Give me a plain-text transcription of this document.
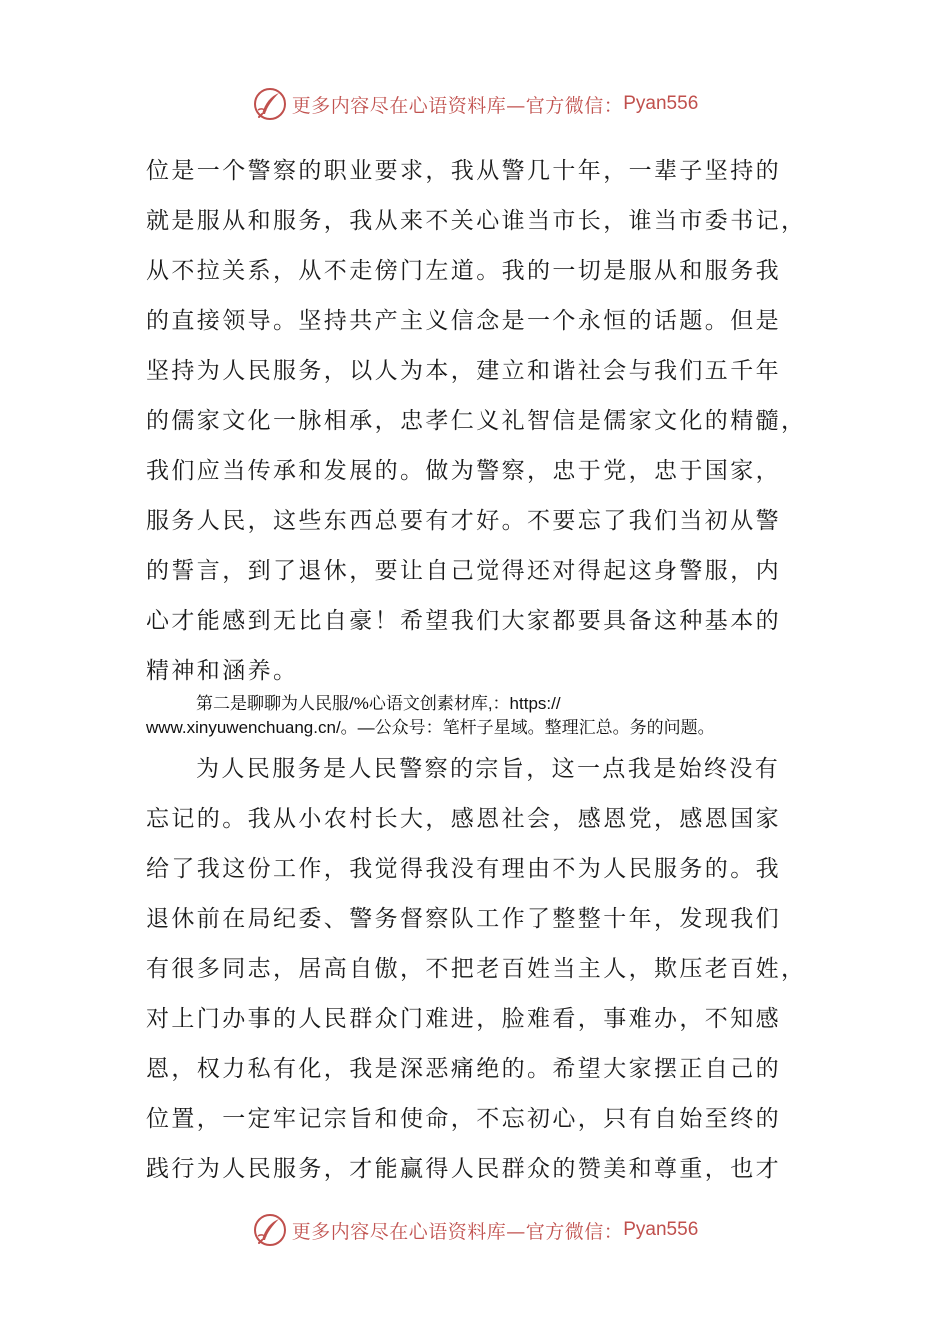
更多内容尽在心语资料库—官方微信： Pyan556
位是一个警察的职业要求，我从警几十年，一辈子坚持的
就是服从和服务，我从来不关心谁当市长，谁当市委书记，
从不拉关系，从不走傍门左道。我的一切是服从和服务我
的直接领导。坚持共产主义信念是一个永恒的话题。但是
坚持为人民服务，以人为本，建立和谐社会与我们五千年
的儒家文化一脉相承，忠孝仁义礼智信是儒家文化的精髓，
我们应当传承和发展的。做为警察，忠于党，忠于国家，
服务人民，这些东西总要有才好。不要忘了我们当初从警
的誓言，到了退休，要让自己觉得还对得起这身警服，内
心才能感到无比自豪！希望我们大家都要具备这种基本的
精神和涵养。
第二是聊聊为人民服/%心语文创素材库,：https://
www.xinyuwenchuang.cn/。—公众号：笔杆子星域。整理汇总。务的问题。
为人民服务是人民警察的宗旨，这一点我是始终没有
忘记的。我从小农村长大，感恩社会，感恩党，感恩国家
给了我这份工作，我觉得我没有理由不为人民服务的。我
退休前在局纪委、警务督察队工作了整整十年，发现我们
有很多同志，居高自傲，不把老百姓当主人，欺压老百姓，
对上门办事的人民群众门难进，脸难看，事难办，不知感
恩，权力私有化，我是深恶痛绝的。希望大家摆正自己的
位置，一定牢记宗旨和使命，不忘初心，只有自始至终的
践行为人民服务，才能赢得人民群众的赞美和尊重，也才
更多内容尽在心语资料库—官方微信： Pyan556
